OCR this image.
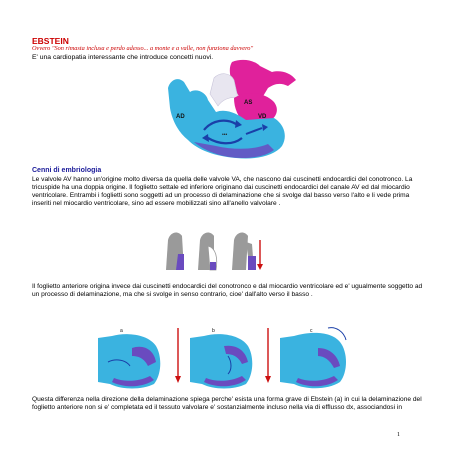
EBSTEIN
Ovvero "Son rimasta inclusa e perdo adesso... a monte e a valle, non funziona davvero"
E' una cardiopatia interessante che introduce concetti nuovi.
•••
AD
AS
VD
Cenni di embriologia

Le valvole AV hanno un'origine molto diversa da quella delle valvole VA, che nascono dai cuscinetti endocardici del conotronco. La tricuspide ha una doppia origine. Il foglietto settale ed inferiore originano dai cuscinetti endocardici del canale AV ed dal miocardio ventricolare. Entrambi i foglietti sono soggetti ad un processo di delaminazione che si svolge dal basso verso l'alto e li vede prima inseriti nel miocardio ventricolare, sino ad essere mobilizzati sino all'anello valvolare .

Il foglietto anteriore origina invece dai cuscinetti endocardici del conotronco e dal miocardio ventricolare ed e' ugualmente soggetto ad un processo di delaminazione, ma che si svolge in senso contrario, cioe' dall'alto verso il basso .

a	b	c

Questa differenza nella direzione della delaminazione spiega perche' esista una forma grave di Ebstein (a) in cui la delaminazione del foglietto anteriore non si e' completata ed il tessuto valvolare e' sostanzialmente incluso nella via di efflusso dx, associandosi in

1
